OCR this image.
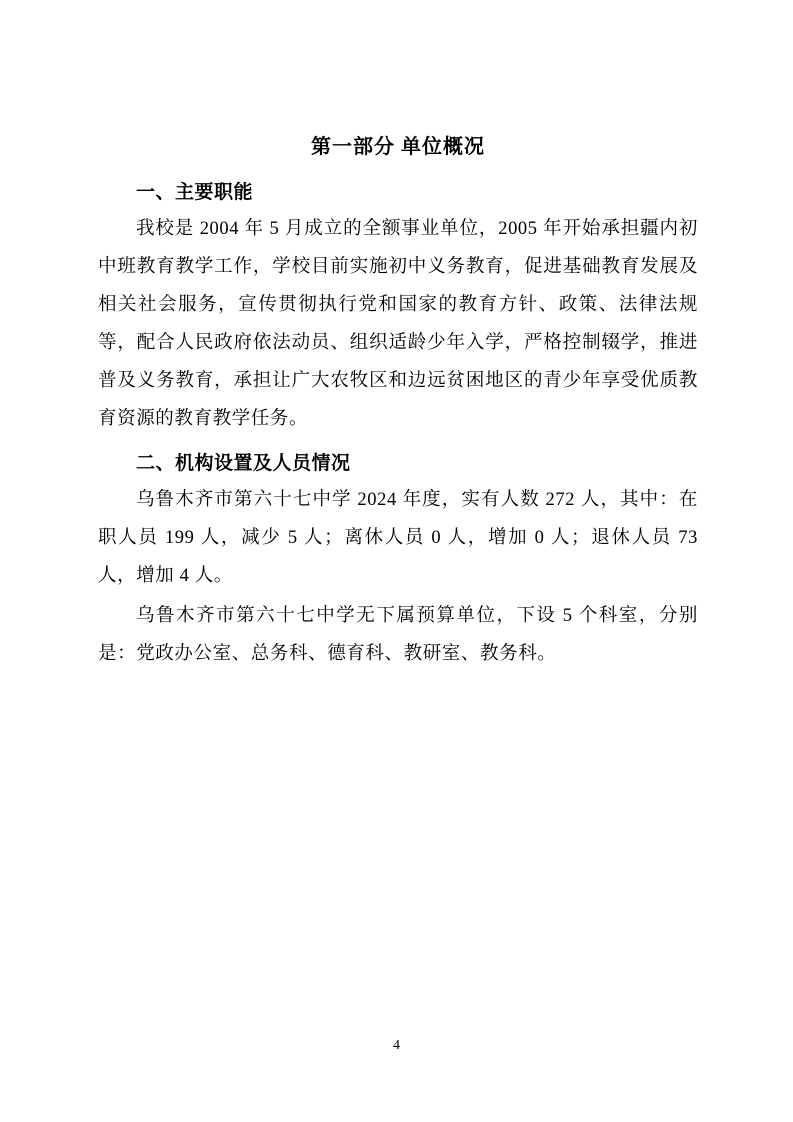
第一部分 单位概况
一、主要职能

我校是 2004 年 5 月成立的全额事业单位，2005 年开始承担疆内初中班教育教学工作，学校目前实施初中义务教育，促进基础教育发展及相关社会服务，宣传贯彻执行党和国家的教育方针、政策、法律法规等，配合人民政府依法动员、组织适龄少年入学，严格控制辍学，推进普及义务教育，承担让广大农牧区和边远贫困地区的青少年享受优质教育资源的教育教学任务。

二、机构设置及人员情况

乌鲁木齐市第六十七中学 2024 年度，实有人数 272 人，其中：在职人员 199 人，减少 5 人；离休人员 0 人，增加 0 人；退休人员 73 人，增加 4 人。

乌鲁木齐市第六十七中学无下属预算单位，下设 5 个科室，分别是：党政办公室、总务科、德育科、教研室、教务科。

4
